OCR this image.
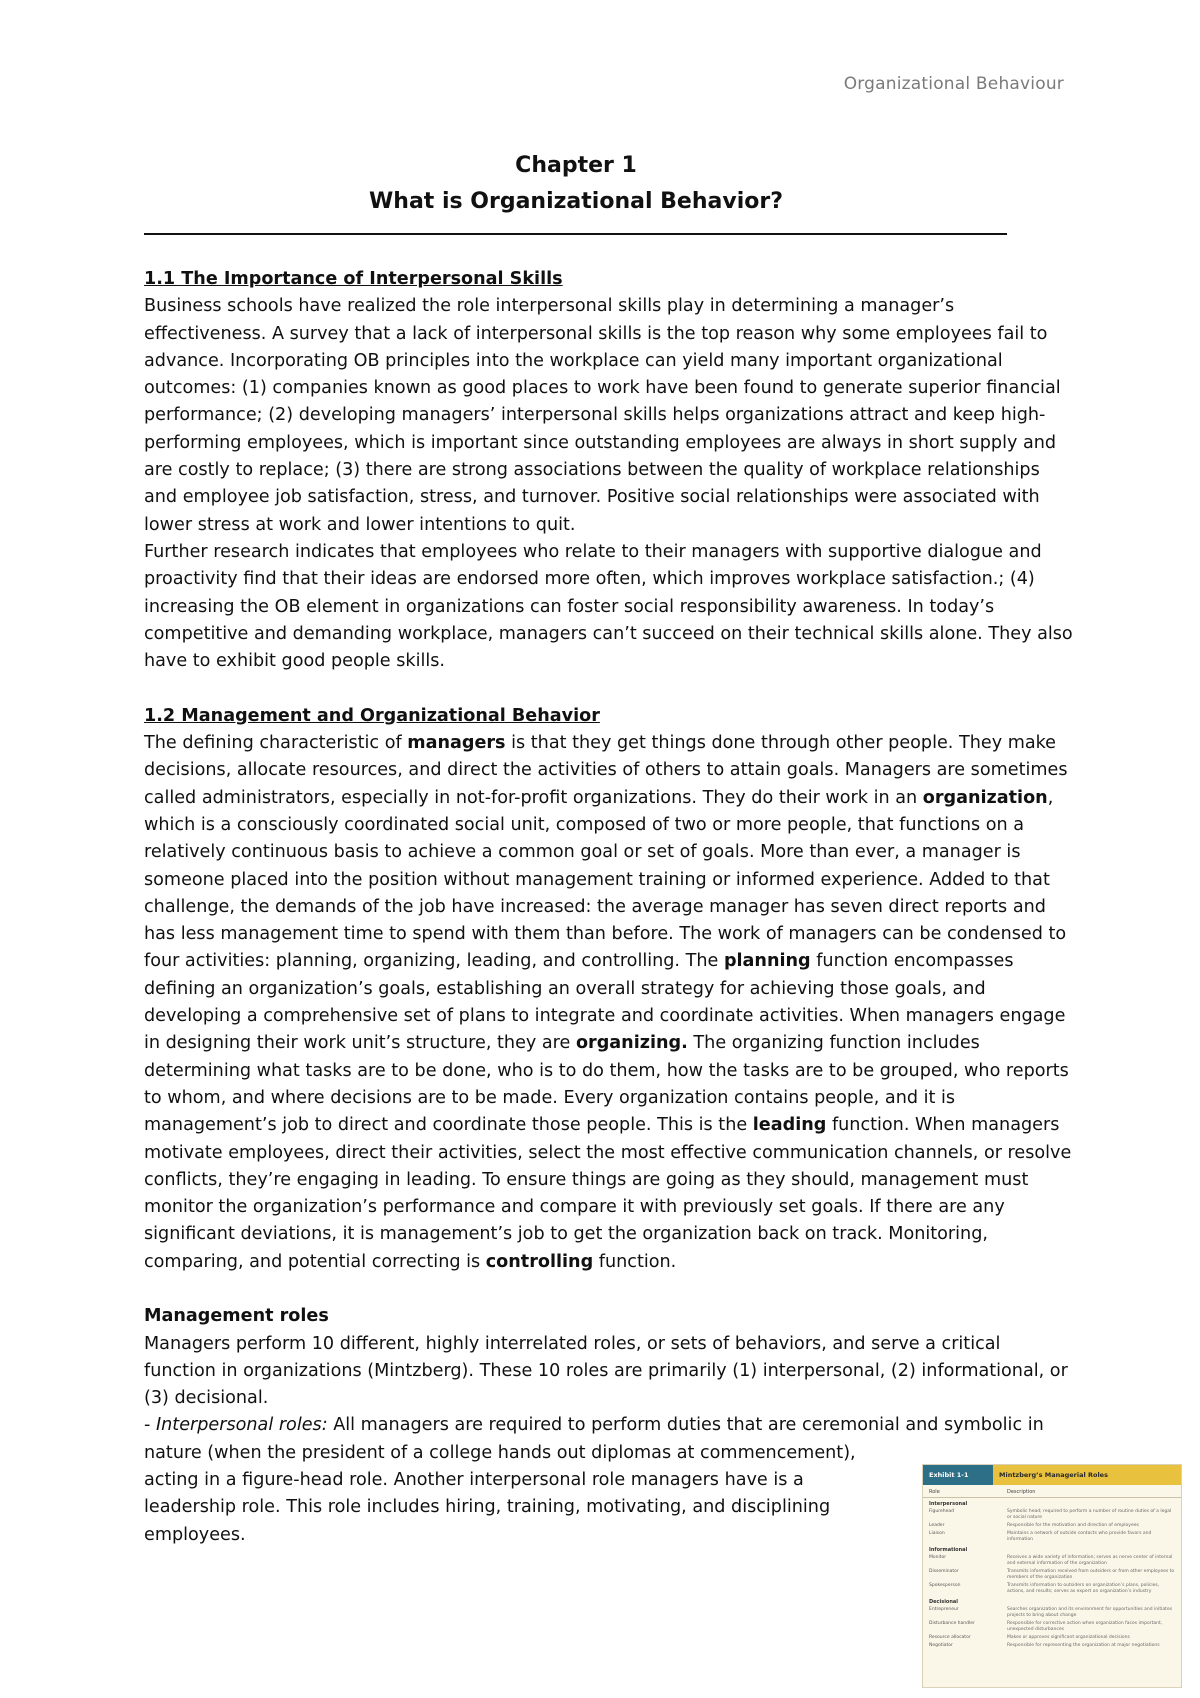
Organizational Behaviour
Chapter 1
What is Organizational Behavior?

1.1 The Importance of Interpersonal Skills

Business schools have realized the role interpersonal skills play in determining a manager’s effectiveness. A survey that a lack of interpersonal skills is the top reason why some employees fail to advance. Incorporating OB principles into the workplace can yield many important organizational outcomes: (1) companies known as good places to work have been found to generate superior financial performance; (2) developing managers’ interpersonal skills helps organizations attract and keep high-performing employees, which is important since outstanding employees are always in short supply and are costly to replace; (3) there are strong associations between the quality of workplace relationships and employee job satisfaction, stress, and turnover. Positive social relationships were associated with lower stress at work and lower intentions to quit.

Further research indicates that employees who relate to their managers with supportive dialogue and proactivity find that their ideas are endorsed more often, which improves workplace satisfaction.; (4) increasing the OB element in organizations can foster social responsibility awareness. In today’s competitive and demanding workplace, managers can’t succeed on their technical skills alone. They also have to exhibit good people skills.

1.2 Management and Organizational Behavior

The defining characteristic of managers is that they get things done through other people. They make decisions, allocate resources, and direct the activities of others to attain goals. Managers are sometimes called administrators, especially in not-for-profit organizations. They do their work in an organization, which is a consciously coordinated social unit, composed of two or more people, that functions on a relatively continuous basis to achieve a common goal or set of goals. More than ever, a manager is someone placed into the position without management training or informed experience. Added to that challenge, the demands of the job have increased: the average manager has seven direct reports and has less management time to spend with them than before. The work of managers can be condensed to four activities: planning, organizing, leading, and controlling. The planning function encompasses defining an organization’s goals, establishing an overall strategy for achieving those goals, and developing a comprehensive set of plans to integrate and coordinate activities. When managers engage in designing their work unit’s structure, they are organizing. The organizing function includes determining what tasks are to be done, who is to do them, how the tasks are to be grouped, who reports to whom, and where decisions are to be made. Every organization contains people, and it is management’s job to direct and coordinate those people. This is the leading function. When managers motivate employees, direct their activities, select the most effective communication channels, or resolve conflicts, they’re engaging in leading. To ensure things are going as they should, management must monitor the organization’s performance and compare it with previously set goals. If there are any significant deviations, it is management’s job to get the organization back on track. Monitoring, comparing, and potential correcting is controlling function.

Management roles

Managers perform 10 different, highly interrelated roles, or sets of behaviors, and serve a critical function in organizations (Mintzberg). These 10 roles are primarily (1) interpersonal, (2) informational, or (3) decisional.

- Interpersonal roles: All managers are required to perform duties that are ceremonial and symbolic in

nature (when the president of a college hands out diplomas at commencement), acting in a figure-head role. Another interpersonal role managers have is a leadership role. This role includes hiring, training, motivating, and disciplining employees.

Exhibit 1-1	Mintzberg’s Managerial Roles
Role	Description
Interpersonal
Figurehead	Symbolic head; required to perform a number of routine duties of a legal or social nature
Leader	Responsible for the motivation and direction of employees
Liaison	Maintains a network of outside contacts who provide favors and information
Informational
Monitor	Receives a wide variety of information; serves as nerve center of internal and external information of the organization
Disseminator	Transmits information received from outsiders or from other employees to members of the organization
Spokesperson	Transmits information to outsiders on organization’s plans, policies, actions, and results; serves as expert on organization’s industry
Decisional
Entrepreneur	Searches organization and its environment for opportunities and initiates projects to bring about change
Disturbance handler	Responsible for corrective action when organization faces important, unexpected disturbances
Resource allocator	Makes or approves significant organizational decisions
Negotiator	Responsible for representing the organization at major negotiations
